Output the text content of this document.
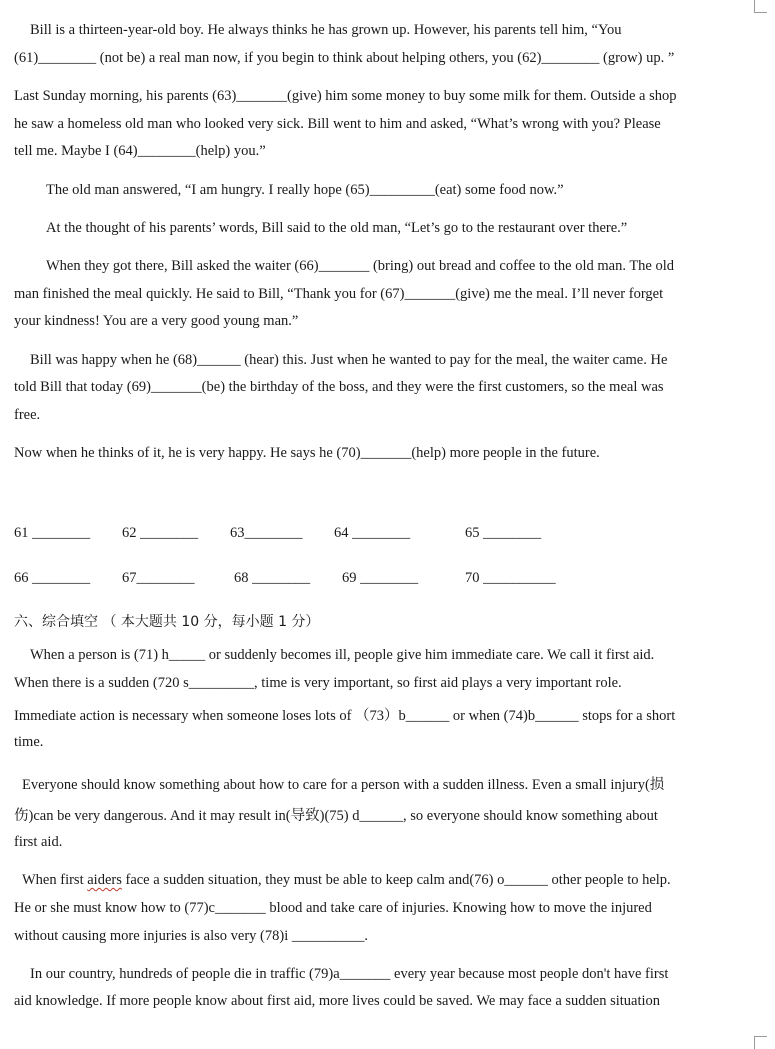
Bill is a thirteen-year-old boy. He always thinks he has grown up. However, his parents tell him, “You
(61)________ (not be) a real man now, if you begin to think about helping others, you (62)________ (grow) up. ”
Last Sunday morning, his parents (63)_______(give) him some money to buy some milk for them. Outside a shop
he saw a homeless old man who looked very sick. Bill went to him and asked, “What’s wrong with you? Please
tell me. Maybe I (64)________(help) you.”
The old man answered, “I am hungry. I really hope (65)_________(eat) some food now.”
At the thought of his parents’ words, Bill said to the old man, “Let’s go to the restaurant over there.”
When they got there, Bill asked the waiter (66)_______ (bring) out bread and coffee to the old man. The old
man finished the meal quickly. He said to Bill, “Thank you for (67)_______(give) me the meal. I’ll never forget
your kindness! You are a very good young man.”
Bill was happy when he (68)______ (hear) this. Just when he wanted to pay for the meal, the waiter came. He
told Bill that today (69)_______(be) the birthday of the boss, and they were the first customers, so the meal was
free.
Now when he thinks of it, he is very happy. He says he (70)_______(help) more people in the future.
61 ________ 62 ________ 63________ 64 ________	65 ________
66 ________ 67________	68 ________ 69 ________	70 __________
六、综合填空 （ 本大题共 10 分，每小题 1 分）
When a person is (71) h_____ or suddenly becomes ill, people give him immediate care. We call it first aid.
When there is a sudden (720 s_________, time is very important, so first aid plays a very important role.
Immediate action is necessary when someone loses lots of （73）b______ or when (74)b______ stops for a short
time.
Everyone should know something about how to care for a person with a sudden illness. Even a small injury(损
伤)can be very dangerous. And it may result in(导致)(75) d______, so everyone should know something about
first aid.
When first aiders face a sudden situation, they must be able to keep calm and(76) o______ other people to help.
He or she must know how to (77)c_______ blood and take care of injuries. Knowing how to move the injured
without causing more injuries is also very (78)i __________.
In our country, hundreds of people die in traffic (79)a_______ every year because most people don't have first
aid knowledge. If more people know about first aid, more lives could be saved. We may face a sudden situation
